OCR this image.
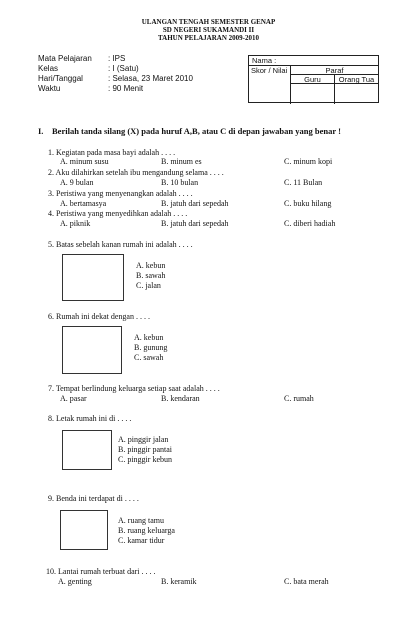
ULANGAN TENGAH SEMESTER GENAP
SD NEGERI SUKAMANDI II
TAHUN PELAJARAN 2009-2010
Mata Pelajaran	: IPS
Kelas	: I (Satu)
Hari/Tanggal	: Selasa, 23 Maret 2010
Waktu	: 90 Menit
Nama :
Skor / Nilai	Paraf
Guru	Orang Tua
I. Berilah tanda silang (X) pada huruf A,B, atau C di depan jawaban yang benar !
1. Kegiatan pada masa bayi adalah . . . .
A. minum susu	B. minum es	C. minum kopi
2. Aku dilahirkan setelah ibu mengandung selama . . . .
A. 9 bulan	B. 10 bulan	C. 11 Bulan
3. Peristiwa yang menyenangkan adalah . . . .
A. bertamasya	B. jatuh dari sepedah	C. buku hilang
4. Peristiwa yang menyedihkan adalah . . . .
A. piknik	B. jatuh dari sepedah	C. diberi hadiah
5. Batas sebelah kanan rumah ini adalah . . . .
A. kebun
B. sawah
C. jalan
6. Rumah ini dekat dengan . . . .
A. kebun
B. gunung
C. sawah
7. Tempat berlindung keluarga setiap saat adalah . . . .
A. pasar	B. kendaran	C. rumah
8. Letak rumah ini di . . . .
A. pinggir jalan
B. pinggir pantai
C. pinggir kebun
9. Benda ini terdapat di . . . .
A. ruang tamu
B. ruang keluarga
C. kamar tidur
10. Lantai rumah terbuat dari . . . .
A. genting	B. keramik	C. bata merah
